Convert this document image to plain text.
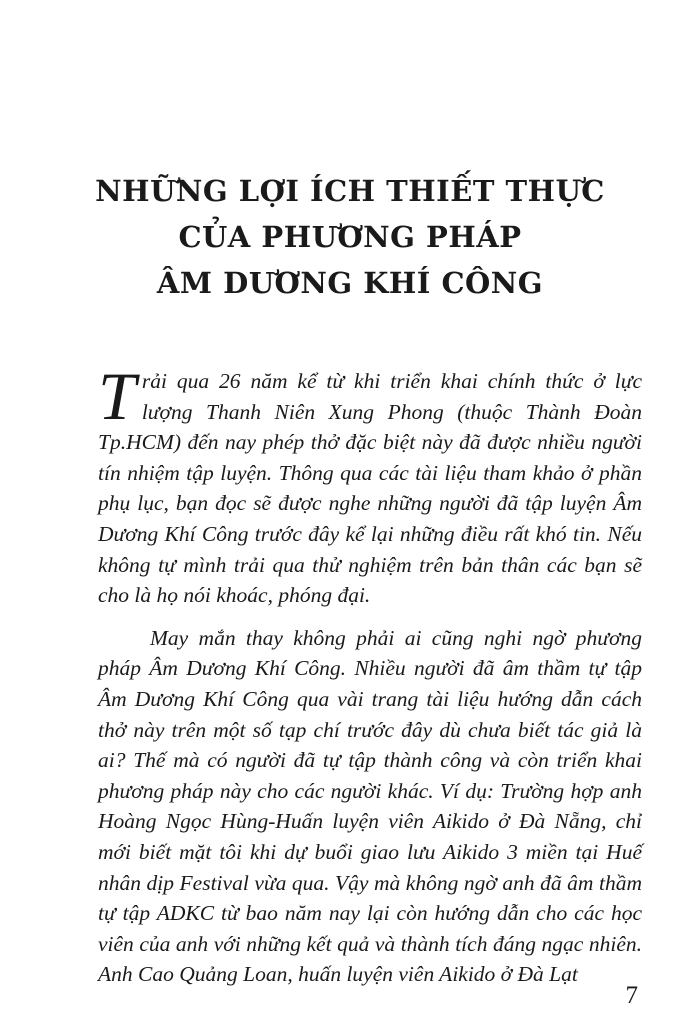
NHỮNG LỢI ÍCH THIẾT THỰC
CỦA PHƯƠNG PHÁP
ÂM DƯƠNG KHÍ CÔNG

Trải qua 26 năm kể từ khi triển khai chính thức ở lực lượng Thanh Niên Xung Phong (thuộc Thành Đoàn Tp.HCM) đến nay phép thở đặc biệt này đã được nhiều người tín nhiệm tập luyện. Thông qua các tài liệu tham khảo ở phần phụ lục, bạn đọc sẽ được nghe những người đã tập luyện Âm Dương Khí Công trước đây kể lại những điều rất khó tin. Nếu không tự mình trải qua thử nghiệm trên bản thân các bạn sẽ cho là họ nói khoác, phóng đại.

May mắn thay không phải ai cũng nghi ngờ phương pháp Âm Dương Khí Công. Nhiều người đã âm thầm tự tập Âm Dương Khí Công qua vài trang tài liệu hướng dẫn cách thở này trên một số tạp chí trước đây dù chưa biết tác giả là ai? Thế mà có người đã tự tập thành công và còn triển khai phương pháp này cho các người khác. Ví dụ: Trường hợp anh Hoàng Ngọc Hùng-Huấn luyện viên Aikido ở Đà Nẵng, chỉ mới biết mặt tôi khi dự buổi giao lưu Aikido 3 miền tại Huế nhân dịp Festival vừa qua. Vậy mà không ngờ anh đã âm thầm tự tập ADKC từ bao năm nay lại còn hướng dẫn cho các học viên của anh với những kết quả và thành tích đáng ngạc nhiên. Anh Cao Quảng Loan, huấn luyện viên Aikido ở Đà Lạt

7
